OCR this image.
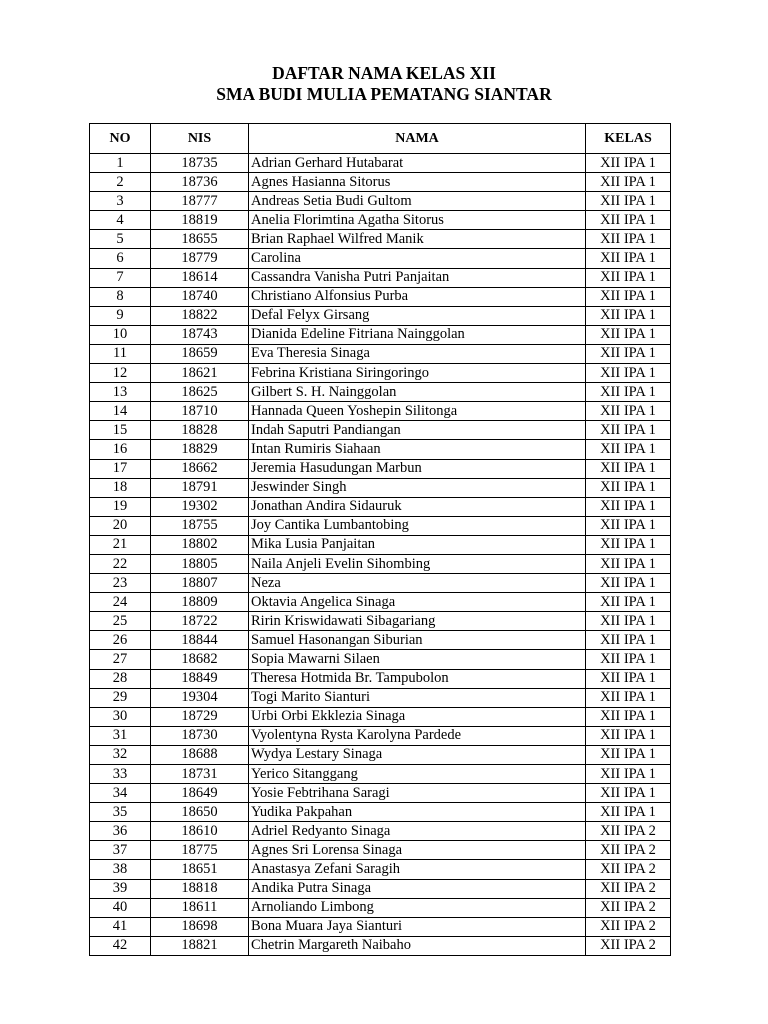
DAFTAR NAMA KELAS XII
SMA BUDI MULIA PEMATANG SIANTAR
NO	NIS	NAMA	KELAS
1	18735	Adrian Gerhard Hutabarat	XII IPA 1
2	18736	Agnes Hasianna Sitorus	XII IPA 1
3	18777	Andreas Setia Budi Gultom	XII IPA 1
4	18819	Anelia Florimtina Agatha Sitorus	XII IPA 1
5	18655	Brian Raphael Wilfred Manik	XII IPA 1
6	18779	Carolina	XII IPA 1
7	18614	Cassandra Vanisha Putri Panjaitan	XII IPA 1
8	18740	Christiano Alfonsius Purba	XII IPA 1
9	18822	Defal Felyx Girsang	XII IPA 1
10	18743	Dianida Edeline Fitriana Nainggolan	XII IPA 1
11	18659	Eva Theresia Sinaga	XII IPA 1
12	18621	Febrina Kristiana Siringoringo	XII IPA 1
13	18625	Gilbert S. H. Nainggolan	XII IPA 1
14	18710	Hannada Queen Yoshepin Silitonga	XII IPA 1
15	18828	Indah Saputri Pandiangan	XII IPA 1
16	18829	Intan Rumiris Siahaan	XII IPA 1
17	18662	Jeremia Hasudungan Marbun	XII IPA 1
18	18791	Jeswinder Singh	XII IPA 1
19	19302	Jonathan Andira Sidauruk	XII IPA 1
20	18755	Joy Cantika Lumbantobing	XII IPA 1
21	18802	Mika Lusia Panjaitan	XII IPA 1
22	18805	Naila Anjeli Evelin Sihombing	XII IPA 1
23	18807	Neza	XII IPA 1
24	18809	Oktavia Angelica Sinaga	XII IPA 1
25	18722	Ririn Kriswidawati Sibagariang	XII IPA 1
26	18844	Samuel Hasonangan Siburian	XII IPA 1
27	18682	Sopia Mawarni Silaen	XII IPA 1
28	18849	Theresa Hotmida Br. Tampubolon	XII IPA 1
29	19304	Togi Marito Sianturi	XII IPA 1
30	18729	Urbi Orbi Ekklezia Sinaga	XII IPA 1
31	18730	Vyolentyna Rysta Karolyna Pardede	XII IPA 1
32	18688	Wydya Lestary Sinaga	XII IPA 1
33	18731	Yerico Sitanggang	XII IPA 1
34	18649	Yosie Febtrihana Saragi	XII IPA 1
35	18650	Yudika Pakpahan	XII IPA 1
36	18610	Adriel Redyanto Sinaga	XII IPA 2
37	18775	Agnes Sri Lorensa Sinaga	XII IPA 2
38	18651	Anastasya Zefani Saragih	XII IPA 2
39	18818	Andika Putra Sinaga	XII IPA 2
40	18611	Arnoliando Limbong	XII IPA 2
41	18698	Bona Muara Jaya Sianturi	XII IPA 2
42	18821	Chetrin Margareth Naibaho	XII IPA 2
